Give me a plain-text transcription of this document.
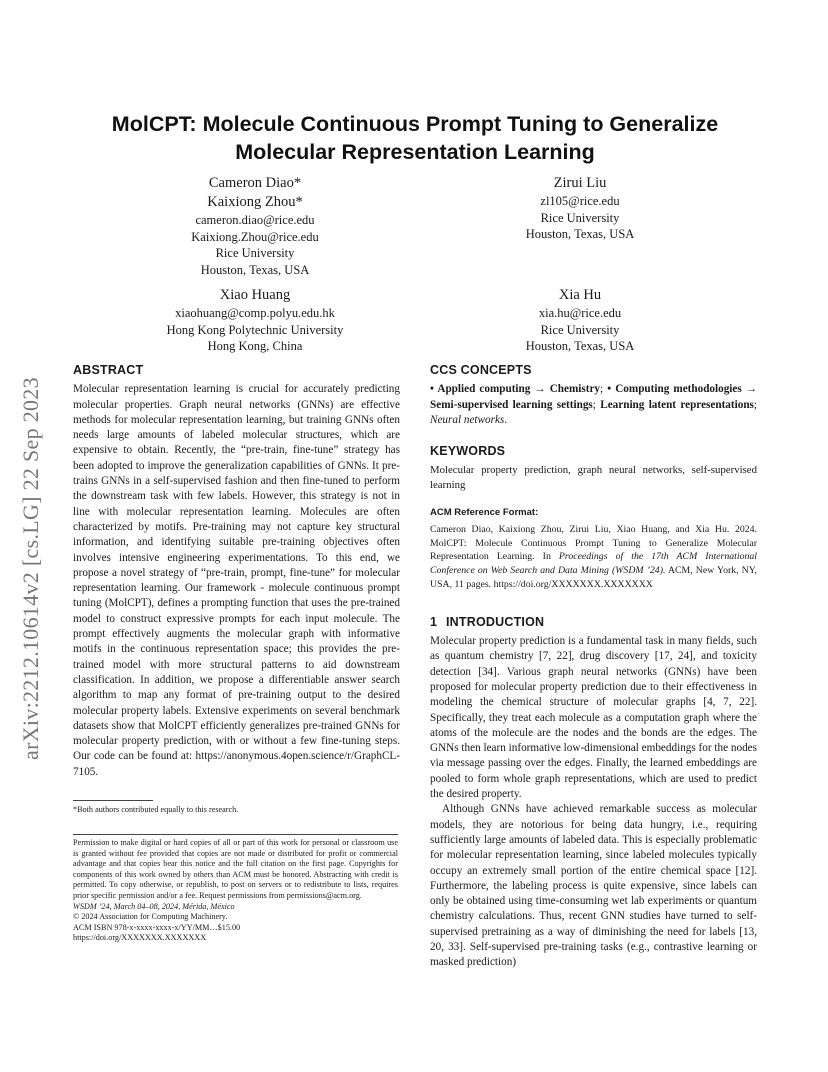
arXiv:2212.10614v2 [cs.LG] 22 Sep 2023
MolCPT: Molecule Continuous Prompt Tuning to Generalize
Molecular Representation Learning
Cameron Diao*
Kaixiong Zhou*
cameron.diao@rice.edu
Kaixiong.Zhou@rice.edu
Rice University
Houston, Texas, USA
Zirui Liu
zl105@rice.edu
Rice University
Houston, Texas, USA
Xiao Huang
xiaohuang@comp.polyu.edu.hk
Hong Kong Polytechnic University
Hong Kong, China
Xia Hu
xia.hu@rice.edu
Rice University
Houston, Texas, USA
ABSTRACT

Molecular representation learning is crucial for accurately predicting molecular properties. Graph neural networks (GNNs) are effective methods for molecular representation learning, but training GNNs often needs large amounts of labeled molecular structures, which are expensive to obtain. Recently, the “pre-train, fine-tune” strategy has been adopted to improve the generalization capabilities of GNNs. It pre-trains GNNs in a self-supervised fashion and then fine-tuned to perform the downstream task with few labels. However, this strategy is not in line with molecular representation learning. Molecules are often characterized by motifs. Pre-training may not capture key structural information, and identifying suitable pre-training objectives often involves intensive engineering experimentations. To this end, we propose a novel strategy of “pre-train, prompt, fine-tune” for molecular representation learning. Our framework - molecule continuous prompt tuning (MolCPT), defines a prompting function that uses the pre-trained model to construct expressive prompts for each input molecule. The prompt effectively augments the molecular graph with informative motifs in the continuous representation space; this provides the pre-trained model with more structural patterns to aid downstream classification. In addition, we propose a differentiable answer search algorithm to map any format of pre-training output to the desired molecular property labels. Extensive experiments on several benchmark datasets show that MolCPT efficiently generalizes pre-trained GNNs for molecular property prediction, with or without a few fine-tuning steps. Our code can be found at: https://anonymous.4open.science/r/GraphCL-7105.

*Both authors contributed equally to this research.

Permission to make digital or hard copies of all or part of this work for personal or classroom use is granted without fee provided that copies are not made or distributed for profit or commercial advantage and that copies bear this notice and the full citation on the first page. Copyrights for components of this work owned by others than ACM must be honored. Abstracting with credit is permitted. To copy otherwise, or republish, to post on servers or to redistribute to lists, requires prior specific permission and/or a fee. Request permissions from permissions@acm.org.

WSDM ’24, March 04–08, 2024, Mérida, México
© 2024 Association for Computing Machinery.
ACM ISBN 978-x-xxxx-xxxx-x/YY/MM…$15.00
https://doi.org/XXXXXXX.XXXXXXX
CCS CONCEPTS

• Applied computing → Chemistry; • Computing methodologies → Semi-supervised learning settings; Learning latent representations; Neural networks.

KEYWORDS

Molecular property prediction, graph neural networks, self-supervised learning

ACM Reference Format:

Cameron Diao, Kaixiong Zhou, Zirui Liu, Xiao Huang, and Xia Hu. 2024. MolCPT: Molecule Continuous Prompt Tuning to Generalize Molecular Representation Learning. In Proceedings of the 17th ACM International Conference on Web Search and Data Mining (WSDM ’24). ACM, New York, NY, USA, 11 pages. https://doi.org/XXXXXXX.XXXXXXX

1 INTRODUCTION

Molecular property prediction is a fundamental task in many fields, such as quantum chemistry [7, 22], drug discovery [17, 24], and toxicity detection [34]. Various graph neural networks (GNNs) have been proposed for molecular property prediction due to their effectiveness in modeling the chemical structure of molecular graphs [4, 7, 22]. Specifically, they treat each molecule as a computation graph where the atoms of the molecule are the nodes and the bonds are the edges. The GNNs then learn informative low-dimensional embeddings for the nodes via message passing over the edges. Finally, the learned embeddings are pooled to form whole graph representations, which are used to predict the desired property.

Although GNNs have achieved remarkable success as molecular models, they are notorious for being data hungry, i.e., requiring sufficiently large amounts of labeled data. This is especially problematic for molecular representation learning, since labeled molecules typically occupy an extremely small portion of the entire chemical space [12]. Furthermore, the labeling process is quite expensive, since labels can only be obtained using time-consuming wet lab experiments or quantum chemistry calculations. Thus, recent GNN studies have turned to self-supervised pretraining as a way of diminishing the need for labels [13, 20, 33]. Self-supervised pre-training tasks (e.g., contrastive learning or masked prediction)
